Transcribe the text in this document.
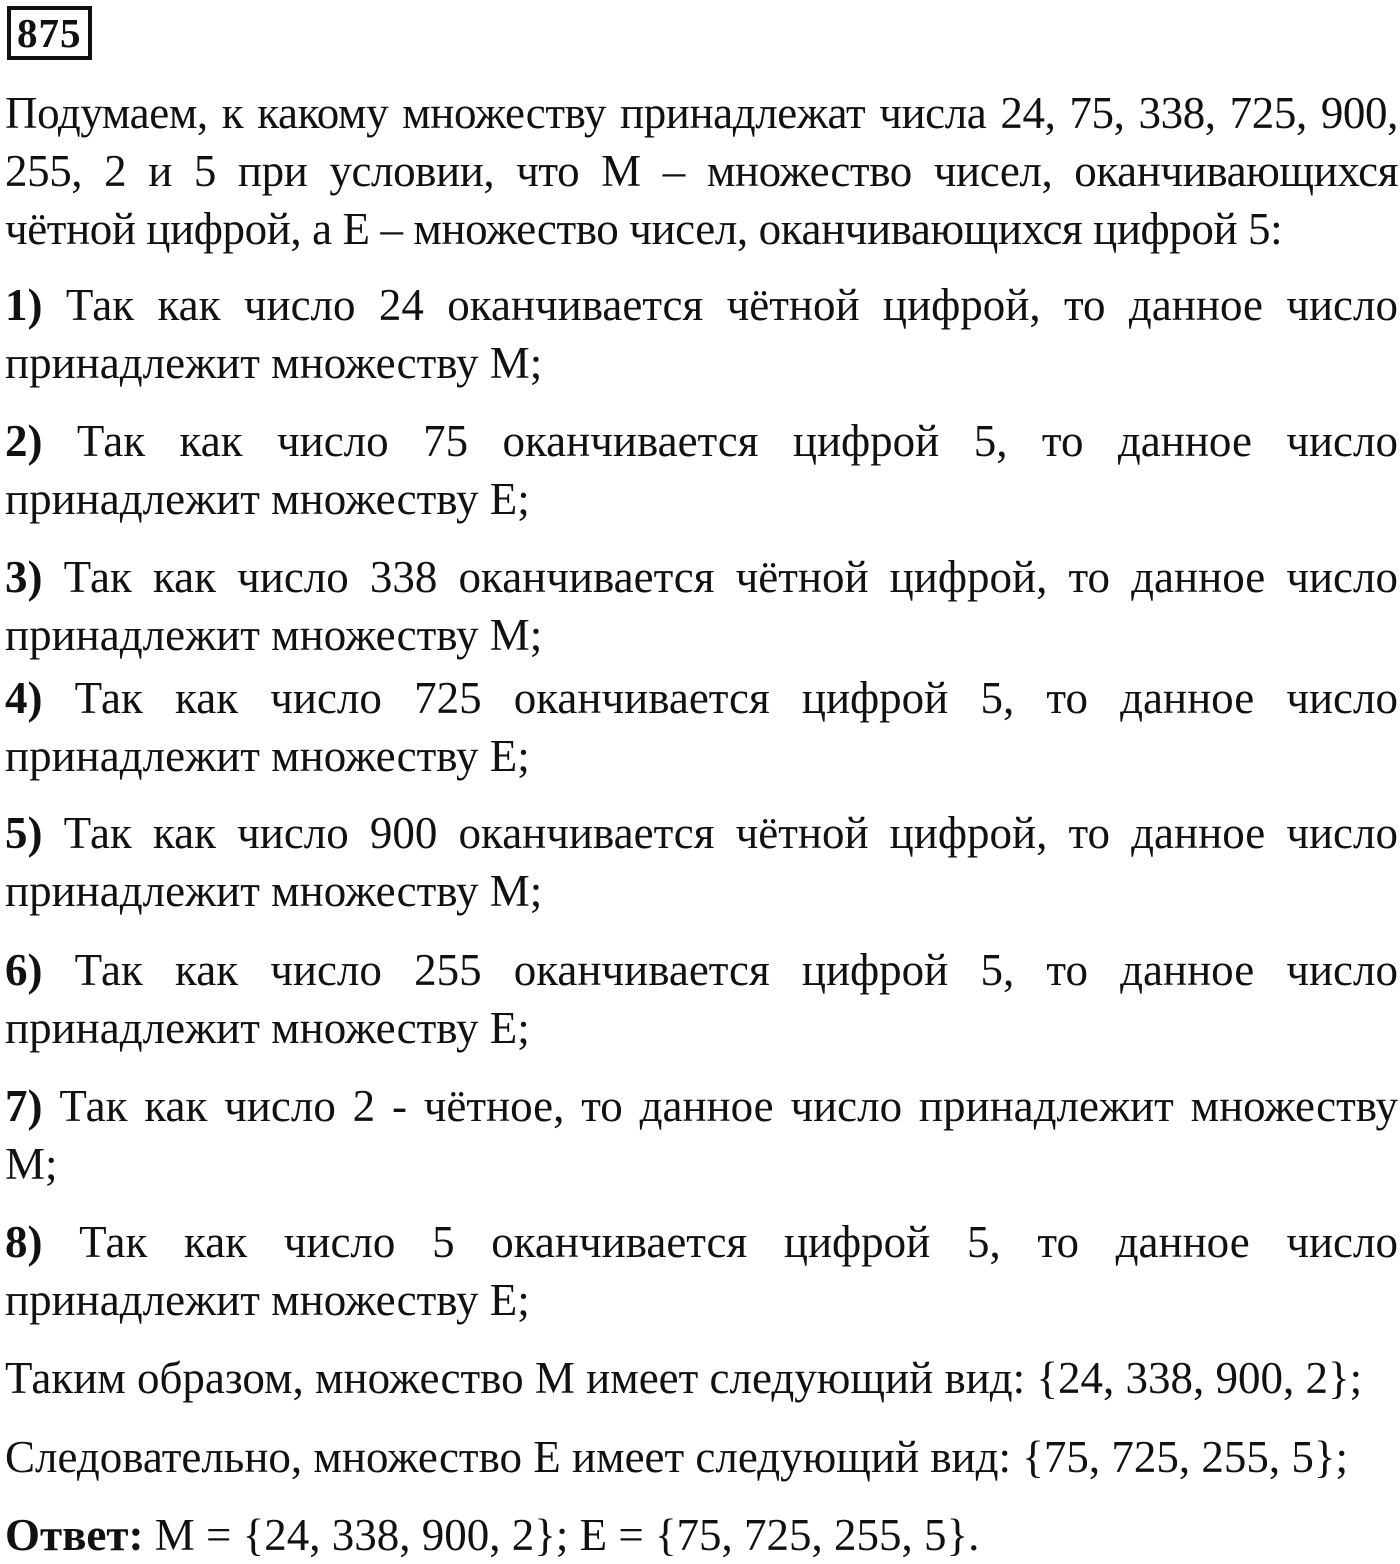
875

Подумаем, к какому множеству принадлежат числа 24, 75, 338, 725, 900, 255, 2 и 5 при условии, что М – множество чисел, оканчивающихся чётной цифрой, а Е – множество чисел, оканчивающихся цифрой 5:

1) Так как число 24 оканчивается чётной цифрой, то данное число принадлежит множеству М;

2) Так как число 75 оканчивается цифрой 5, то данное число принадлежит множеству Е;

3) Так как число 338 оканчивается чётной цифрой, то данное число принадлежит множеству М;

4) Так как число 725 оканчивается цифрой 5, то данное число принадлежит множеству Е;

5) Так как число 900 оканчивается чётной цифрой, то данное число принадлежит множеству М;

6) Так как число 255 оканчивается цифрой 5, то данное число принадлежит множеству Е;

7) Так как число 2 - чётное, то данное число принадлежит множеству М;

8) Так как число 5 оканчивается цифрой 5, то данное число принадлежит множеству Е;

Таким образом, множество М имеет следующий вид: {24, 338, 900, 2};

Следовательно, множество Е имеет следующий вид: {75, 725, 255, 5};

Ответ: М = {24, 338, 900, 2}; Е = {75, 725, 255, 5}.
